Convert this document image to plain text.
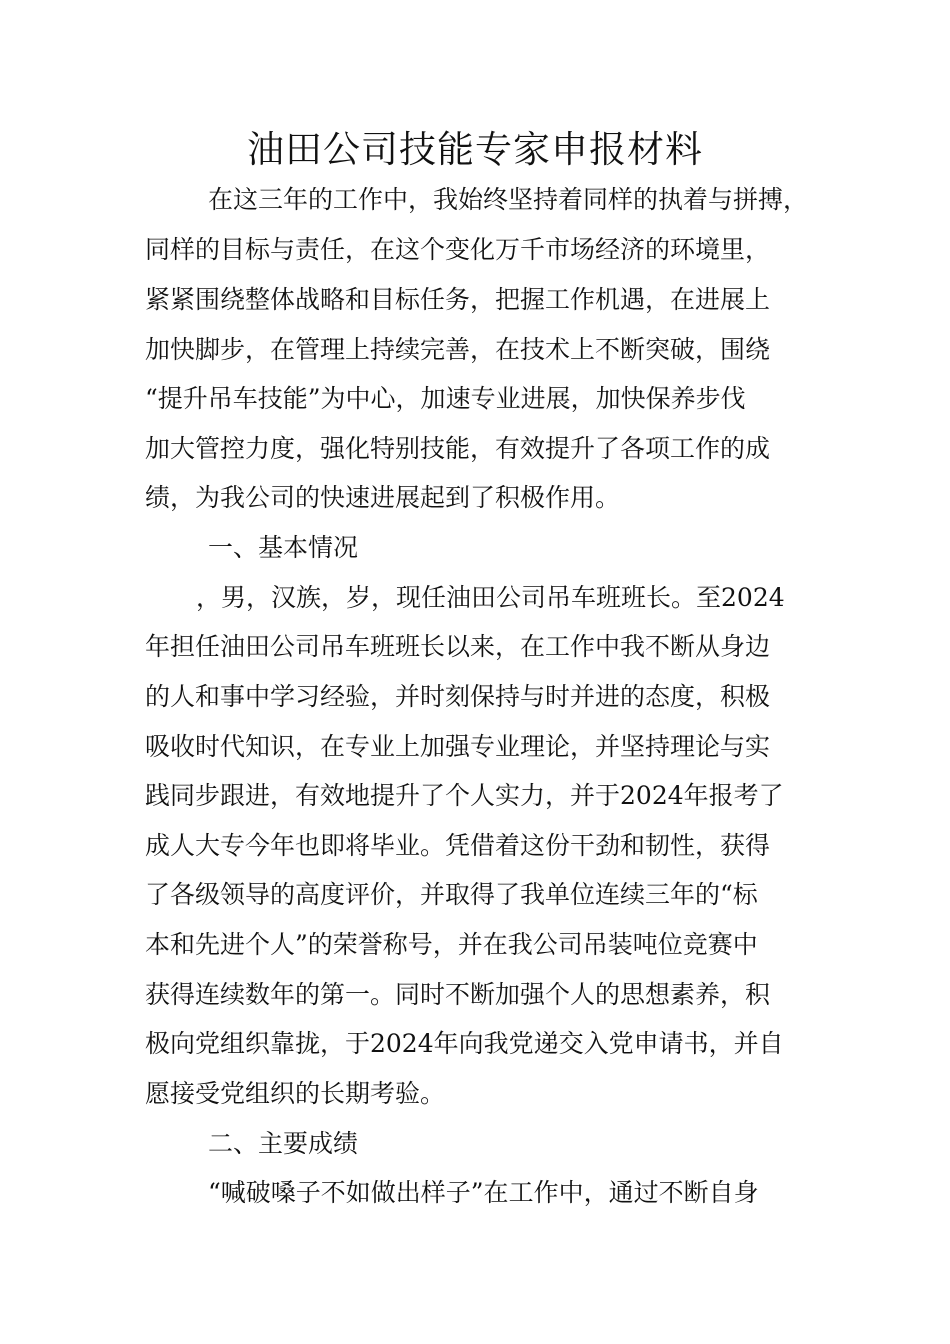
油田公司技能专家申报材料

在这三年的工作中，我始终坚持着同样的执着与拼搏，

同样的目标与责任，在这个变化万千市场经济的环境里，

紧紧围绕整体战略和目标任务，把握工作机遇，在进展上

加快脚步，在管理上持续完善，在技术上不断突破，围绕

“提升吊车技能”为中心，加速专业进展，加快保养步伐

加大管控力度，强化特别技能，有效提升了各项工作的成

绩，为我公司的快速进展起到了积极作用。

一、基本情况

，男，汉族，岁，现任油田公司吊车班班长。至2024

年担任油田公司吊车班班长以来，在工作中我不断从身边

的人和事中学习经验，并时刻保持与时并进的态度，积极

吸收时代知识，在专业上加强专业理论，并坚持理论与实

践同步跟进，有效地提升了个人实力，并于2024年报考了

成人大专今年也即将毕业。凭借着这份干劲和韧性，获得

了各级领导的高度评价，并取得了我单位连续三年的“标

本和先进个人”的荣誉称号，并在我公司吊装吨位竞赛中

获得连续数年的第一。同时不断加强个人的思想素养，积

极向党组织靠拢，于2024年向我党递交入党申请书，并自

愿接受党组织的长期考验。

二、主要成绩

“喊破嗓子不如做出样子”在工作中，通过不断自身
